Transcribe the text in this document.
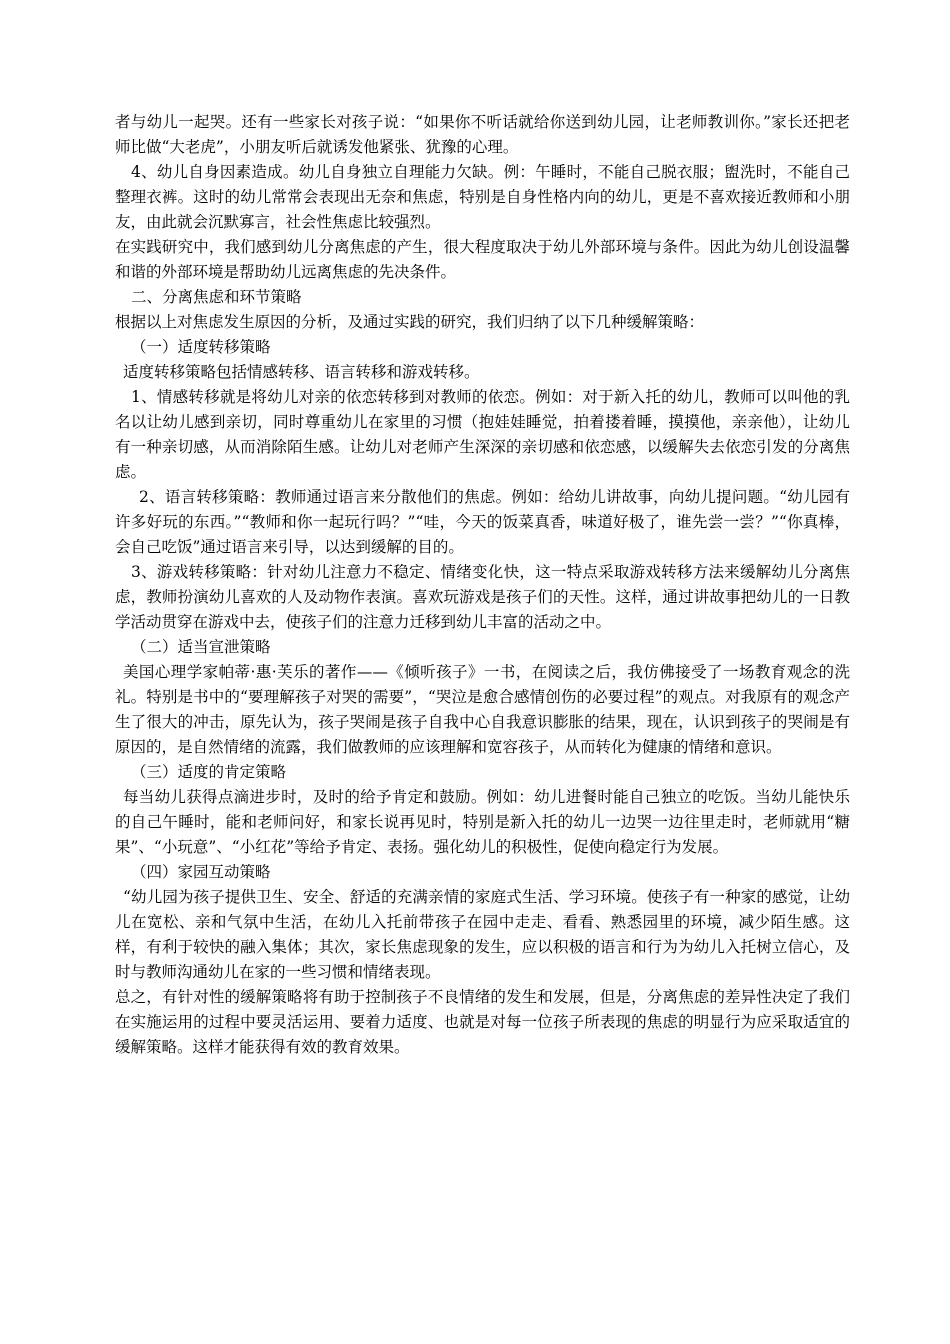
者与幼儿一起哭。还有一些家长对孩子说：“如果你不听话就给你送到幼儿园，让老师教训你。”家长还把老师比做“大老虎”，小朋友听后就诱发他紧张、犹豫的心理。

4、幼儿自身因素造成。幼儿自身独立自理能力欠缺。例：午睡时，不能自己脱衣服；盥洗时，不能自己整理衣裤。这时的幼儿常常会表现出无奈和焦虑，特别是自身性格内向的幼儿，更是不喜欢接近教师和小朋友，由此就会沉默寡言，社会性焦虑比较强烈。

在实践研究中，我们感到幼儿分离焦虑的产生，很大程度取决于幼儿外部环境与条件。因此为幼儿创设温馨和谐的外部环境是帮助幼儿远离焦虑的先决条件。

二、分离焦虑和环节策略

根据以上对焦虑发生原因的分析，及通过实践的研究，我们归纳了以下几种缓解策略：

（一）适度转移策略

适度转移策略包括情感转移、语言转移和游戏转移。

1、情感转移就是将幼儿对亲的依恋转移到对教师的依恋。例如：对于新入托的幼儿，教师可以叫他的乳名以让幼儿感到亲切，同时尊重幼儿在家里的习惯（抱娃娃睡觉，拍着搂着睡，摸摸他，亲亲他），让幼儿有一种亲切感，从而消除陌生感。让幼儿对老师产生深深的亲切感和依恋感，以缓解失去依恋引发的分离焦虑。

2、语言转移策略：教师通过语言来分散他们的焦虑。例如：给幼儿讲故事，向幼儿提问题。“幼儿园有许多好玩的东西。”“教师和你一起玩行吗？”“哇，今天的饭菜真香，味道好极了，谁先尝一尝？”“你真棒，会自己吃饭”通过语言来引导，以达到缓解的目的。

3、游戏转移策略：针对幼儿注意力不稳定、情绪变化快，这一特点采取游戏转移方法来缓解幼儿分离焦虑，教师扮演幼儿喜欢的人及动物作表演。喜欢玩游戏是孩子们的天性。这样，通过讲故事把幼儿的一日教学活动贯穿在游戏中去，使孩子们的注意力迁移到幼儿丰富的活动之中。

（二）适当宣泄策略

美国心理学家帕蒂·惠·芙乐的著作——《倾听孩子》一书，在阅读之后，我仿佛接受了一场教育观念的洗礼。特别是书中的“要理解孩子对哭的需要”，“哭泣是愈合感情创伤的必要过程”的观点。对我原有的观念产生了很大的冲击，原先认为，孩子哭闹是孩子自我中心自我意识膨胀的结果，现在，认识到孩子的哭闹是有原因的，是自然情绪的流露，我们做教师的应该理解和宽容孩子，从而转化为健康的情绪和意识。

（三）适度的肯定策略

每当幼儿获得点滴进步时，及时的给予肯定和鼓励。例如：幼儿进餐时能自己独立的吃饭。当幼儿能快乐的自己午睡时，能和老师问好，和家长说再见时，特别是新入托的幼儿一边哭一边往里走时，老师就用“糖果”、“小玩意”、“小红花”等给予肯定、表扬。强化幼儿的积极性，促使向稳定行为发展。

（四）家园互动策略

“幼儿园为孩子提供卫生、安全、舒适的充满亲情的家庭式生活、学习环境。使孩子有一种家的感觉，让幼儿在宽松、亲和气氛中生活，在幼儿入托前带孩子在园中走走、看看、熟悉园里的环境，减少陌生感。这样，有利于较快的融入集体；其次，家长焦虑现象的发生，应以积极的语言和行为为幼儿入托树立信心，及时与教师沟通幼儿在家的一些习惯和情绪表现。

总之，有针对性的缓解策略将有助于控制孩子不良情绪的发生和发展，但是，分离焦虑的差异性决定了我们在实施运用的过程中要灵活运用、要着力适度、也就是对每一位孩子所表现的焦虑的明显行为应采取适宜的缓解策略。这样才能获得有效的教育效果。
